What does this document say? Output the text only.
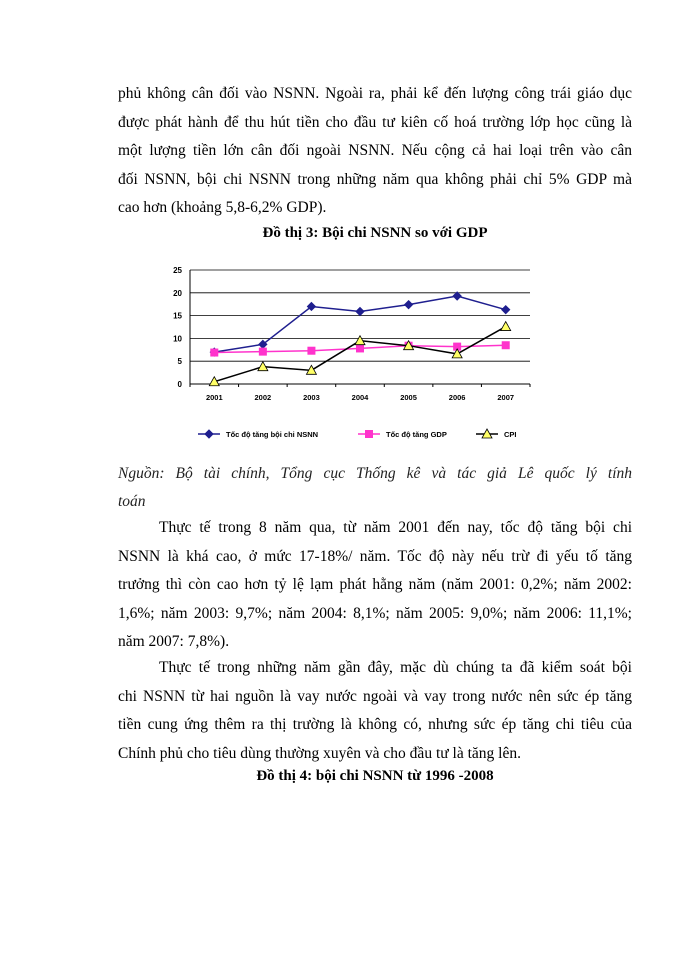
phủ không cân đối vào NSNN. Ngoài ra, phải kể đến lượng công trái giáo dục
được phát hành để thu hút tiền cho đầu tư kiên cố hoá trường lớp học cũng là
một lượng tiền lớn cân đối ngoài NSNN. Nếu cộng cả hai loại trên vào cân
đối NSNN, bội chi NSNN trong những năm qua không phải chỉ 5% GDP mà
cao hơn (khoảng 5,8-6,2% GDP).

Đồ thị 3: Bội chi NSNN so với GDP

0
5
10
15
20
25
2001	2002	2003	2004	2005	2006	2007
Tốc độ tăng bội chi NSNN	Tốc độ tăng GDP	CPI
Nguồn: Bộ tài chính, Tổng cục Thống kê và tác giả Lê quốc lý tính
toán
Thực tế trong 8 năm qua, từ năm 2001 đến nay, tốc độ tăng bội chi
NSNN là khá cao, ở mức 17-18%/ năm. Tốc độ này nếu trừ đi yếu tố tăng
trưởng thì còn cao hơn tỷ lệ lạm phát hằng năm (năm 2001: 0,2%; năm 2002:
1,6%; năm 2003: 9,7%; năm 2004: 8,1%; năm 2005: 9,0%; năm 2006: 11,1%;
năm 2007: 7,8%).
Thực tế trong những năm gần đây, mặc dù chúng ta đã kiểm soát bội
chi NSNN từ hai nguồn là vay nước ngoài và vay trong nước nên sức ép tăng
tiền cung ứng thêm ra thị trường là không có, nhưng sức ép tăng chi tiêu của
Chính phủ cho tiêu dùng thường xuyên và cho đầu tư là tăng lên.

Đồ thị 4: bội chi NSNN từ 1996 -2008
